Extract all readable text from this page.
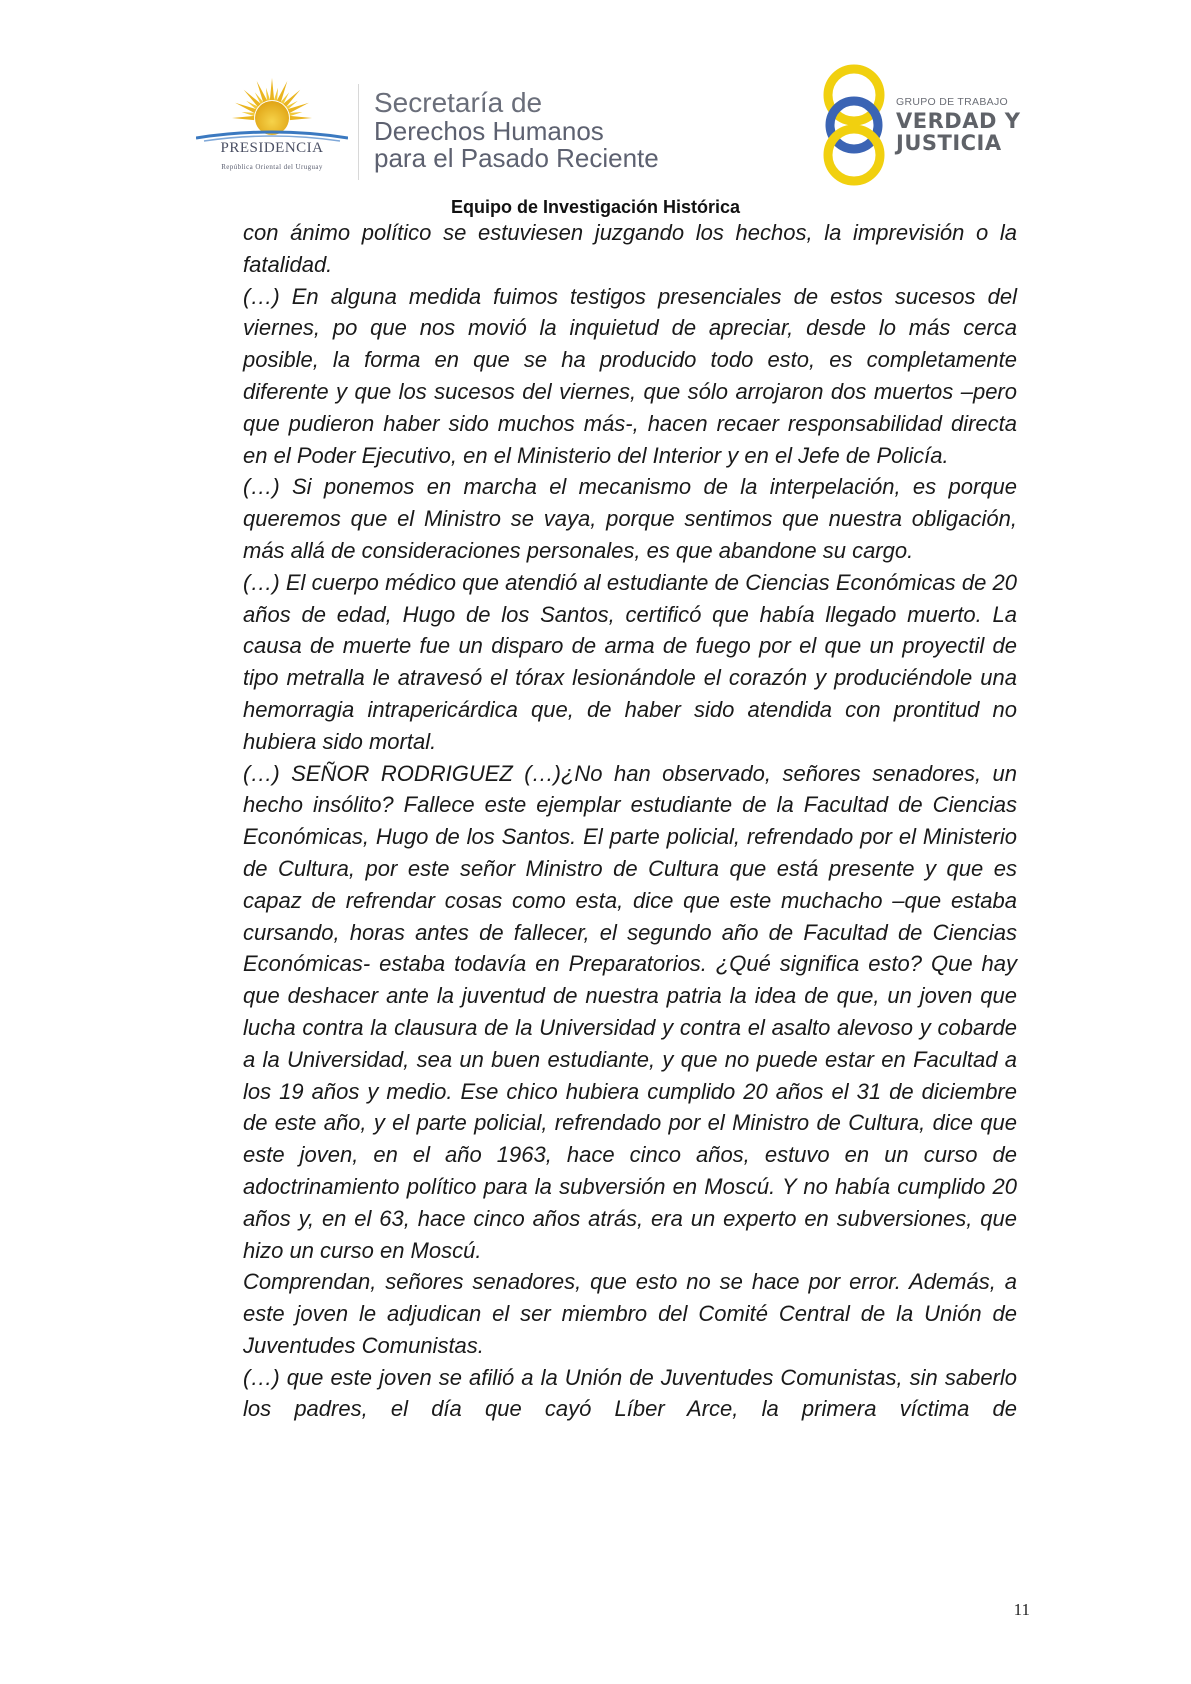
PRESIDENCIA
República Oriental del Uruguay
Secretaría de
Derechos Humanos
para el Pasado Reciente
GRUPO DE TRABAJO
VERDAD Y
JUSTICIA
Equipo de Investigación Histórica

con ánimo político se estuviesen juzgando los hechos, la imprevisión o la fatalidad.

(…) En alguna medida fuimos testigos presenciales de estos sucesos del viernes, po que nos movió la inquietud de apreciar, desde lo más cerca posible, la forma en que se ha producido todo esto, es completamente diferente y que los sucesos del viernes, que sólo arrojaron dos muertos –pero que pudieron haber sido muchos más-, hacen recaer responsabilidad directa en el Poder Ejecutivo, en el Ministerio del Interior y en el Jefe de Policía.

(…) Si ponemos en marcha el mecanismo de la interpelación, es porque queremos que el Ministro se vaya, porque sentimos que nuestra obligación, más allá de consideraciones personales, es que abandone su cargo.

(…) El cuerpo médico que atendió al estudiante de Ciencias Económicas de 20 años de edad, Hugo de los Santos, certificó que había llegado muerto. La causa de muerte fue un disparo de arma de fuego por el que un proyectil de tipo metralla le atravesó el tórax lesionándole el corazón y produciéndole una hemorragia intrapericárdica que, de haber sido atendida con prontitud no hubiera sido mortal.

(…) SEÑOR RODRIGUEZ (…)¿No han observado, señores senadores, un hecho insólito? Fallece este ejemplar estudiante de la Facultad de Ciencias Económicas, Hugo de los Santos. El parte policial, refrendado por el Ministerio de Cultura, por este señor Ministro de Cultura que está presente y que es capaz de refrendar cosas como esta, dice que este muchacho –que estaba cursando, horas antes de fallecer, el segundo año de Facultad de Ciencias Económicas- estaba todavía en Preparatorios. ¿Qué significa esto? Que hay que deshacer ante la juventud de nuestra patria la idea de que, un joven que lucha contra la clausura de la Universidad y contra el asalto alevoso y cobarde a la Universidad, sea un buen estudiante, y que no puede estar en Facultad a los 19 años y medio. Ese chico hubiera cumplido 20 años el 31 de diciembre de este año, y el parte policial, refrendado por el Ministro de Cultura, dice que este joven, en el año 1963, hace cinco años, estuvo en un curso de adoctrinamiento político para la subversión en Moscú. Y no había cumplido 20 años y, en el 63, hace cinco años atrás, era un experto en subversiones, que hizo un curso en Moscú.

Comprendan, señores senadores, que esto no se hace por error. Además, a este joven le adjudican el ser miembro del Comité Central de la Unión de Juventudes Comunistas.

(…) que este joven se afilió a la Unión de Juventudes Comunistas, sin saberlo los padres, el día que cayó Líber Arce, la primera víctima de

11
